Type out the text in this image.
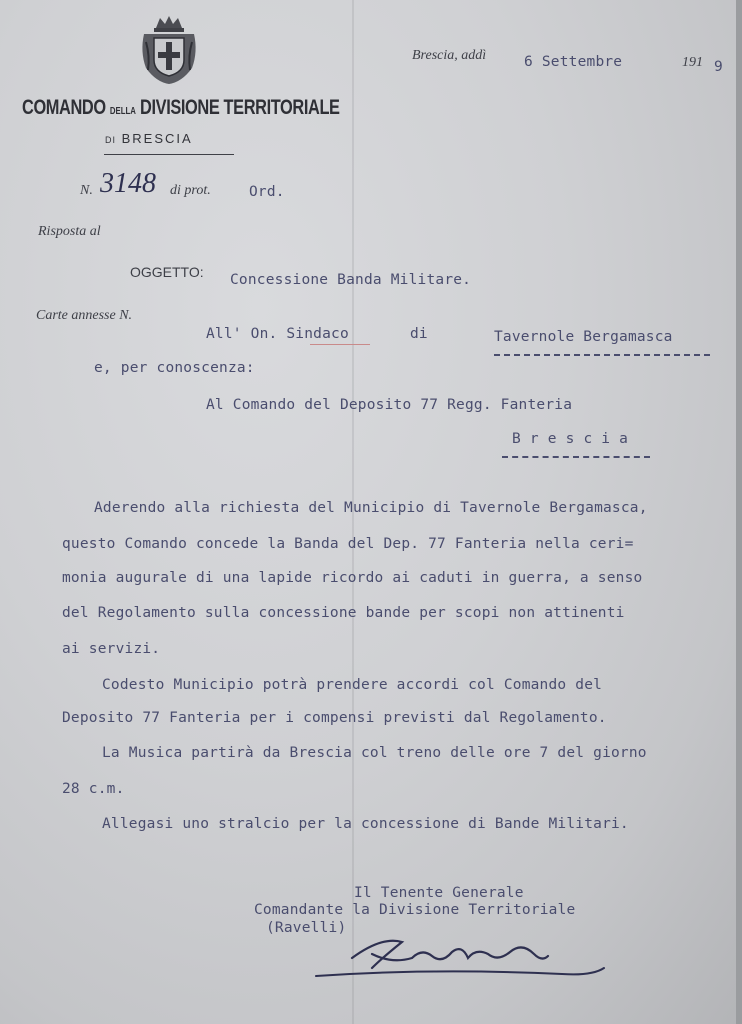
COMANDO DELLA DIVISIONE TERRITORIALE
DI BRESCIA
Brescia, addì	6 Settembre	191 9
N. 3148 di prot.	Ord.
Risposta al
OGGETTO: Concessione Banda Militare.
Carte annesse N.
All' On. Sindaco	di	Tavernole Bergamasca
e, per conoscenza:
Al Comando del Deposito 77 Regg. Fanteria
B r e s c i a
Aderendo alla richiesta del Municipio di Tavernole Bergamasca,
questo Comando concede la Banda del Dep. 77 Fanteria nella ceri=
monia augurale di una lapide ricordo ai caduti in guerra, a senso
del Regolamento sulla concessione bande per scopi non attinenti
ai servizi.
Codesto Municipio potrà prendere accordi col Comando del
Deposito 77 Fanteria per i compensi previsti dal Regolamento.
La Musica partirà da Brescia col treno delle ore 7 del giorno
28 c.m.
Allegasi uno stralcio per la concessione di Bande Militari.
Il Tenente Generale
Comandante la Divisione Territoriale
(Ravelli)
